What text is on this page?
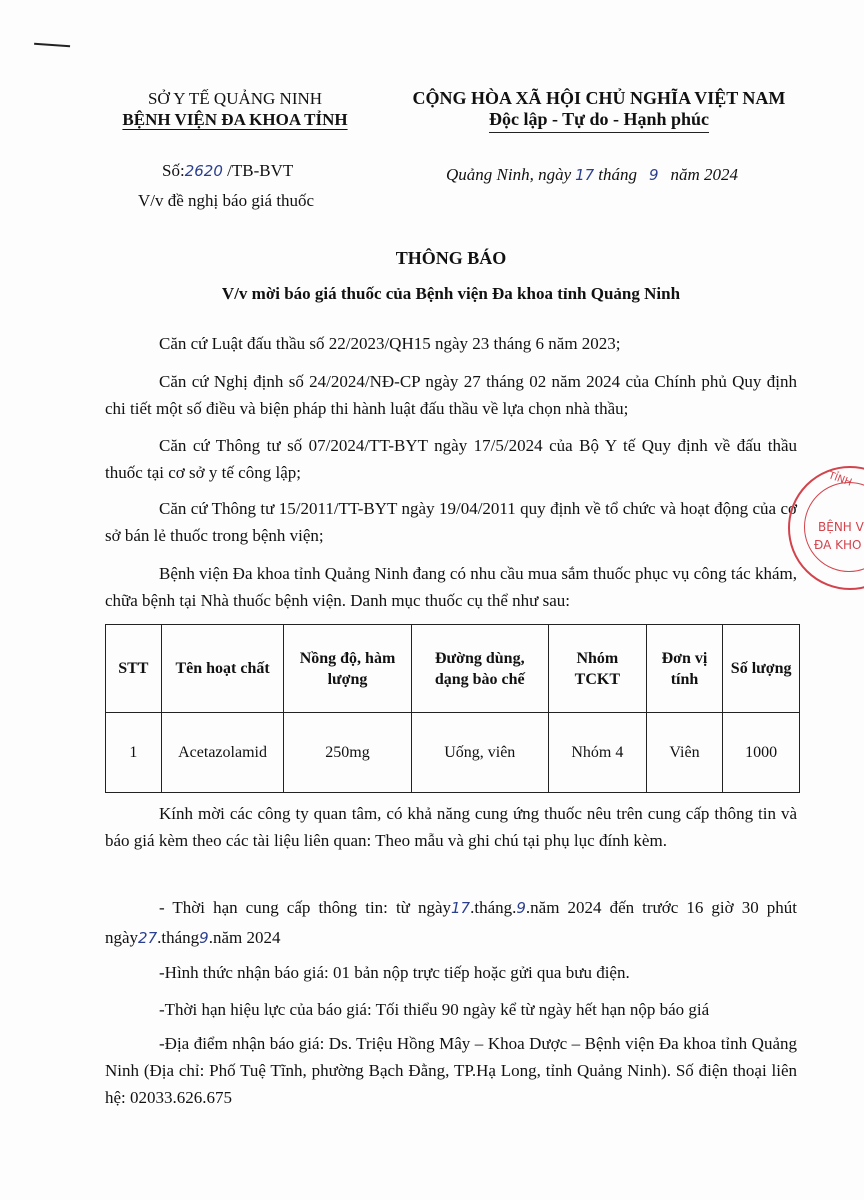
SỞ Y TẾ QUẢNG NINH
BỆNH VIỆN ĐA KHOA TỈNH
CỘNG HÒA XÃ HỘI CHỦ NGHĨA VIỆT NAM
Độc lập - Tự do - Hạnh phúc
Số:2620 /TB-BVT
V/v đề nghị báo giá thuốc
Quảng Ninh, ngày 17 tháng 9 năm 2024
THÔNG BÁO
V/v mời báo giá thuốc của Bệnh viện Đa khoa tỉnh Quảng Ninh
Căn cứ Luật đấu thầu số 22/2023/QH15 ngày 23 tháng 6 năm 2023;
Căn cứ Nghị định số 24/2024/NĐ-CP ngày 27 tháng 02 năm 2024 của Chính phủ Quy định chi tiết một số điều và biện pháp thi hành luật đấu thầu về lựa chọn nhà thầu;
Căn cứ Thông tư số 07/2024/TT-BYT ngày 17/5/2024 của Bộ Y tế Quy định về đấu thầu thuốc tại cơ sở y tế công lập;
Căn cứ Thông tư 15/2011/TT-BYT ngày 19/04/2011 quy định về tổ chức và hoạt động của cơ sở bán lẻ thuốc trong bệnh viện;
Bệnh viện Đa khoa tỉnh Quảng Ninh đang có nhu cầu mua sắm thuốc phục vụ công tác khám, chữa bệnh tại Nhà thuốc bệnh viện. Danh mục thuốc cụ thể như sau:
STT	Tên hoạt chất	Nồng độ, hàm lượng	Đường dùng, dạng bào chế	Nhóm TCKT	Đơn vị tính	Số lượng
1	Acetazolamid	250mg	Uống, viên	Nhóm 4	Viên	1000
Kính mời các công ty quan tâm, có khả năng cung ứng thuốc nêu trên cung cấp thông tin và báo giá kèm theo các tài liệu liên quan: Theo mẫu và ghi chú tại phụ lục đính kèm.
- Thời hạn cung cấp thông tin: từ ngày17.tháng.9.năm 2024 đến trước 16 giờ 30 phút ngày27.tháng9.năm 2024
-Hình thức nhận báo giá: 01 bản nộp trực tiếp hoặc gửi qua bưu điện.
-Thời hạn hiệu lực của báo giá: Tối thiểu 90 ngày kể từ ngày hết hạn nộp báo giá
-Địa điểm nhận báo giá: Ds. Triệu Hồng Mây – Khoa Dược – Bệnh viện Đa khoa tỉnh Quảng Ninh (Địa chỉ: Phố Tuệ Tĩnh, phường Bạch Đằng, TP.Hạ Long, tỉnh Quảng Ninh). Số điện thoại liên hệ: 02033.626.675
TỈNH
BỆNH V
ĐA KHO
